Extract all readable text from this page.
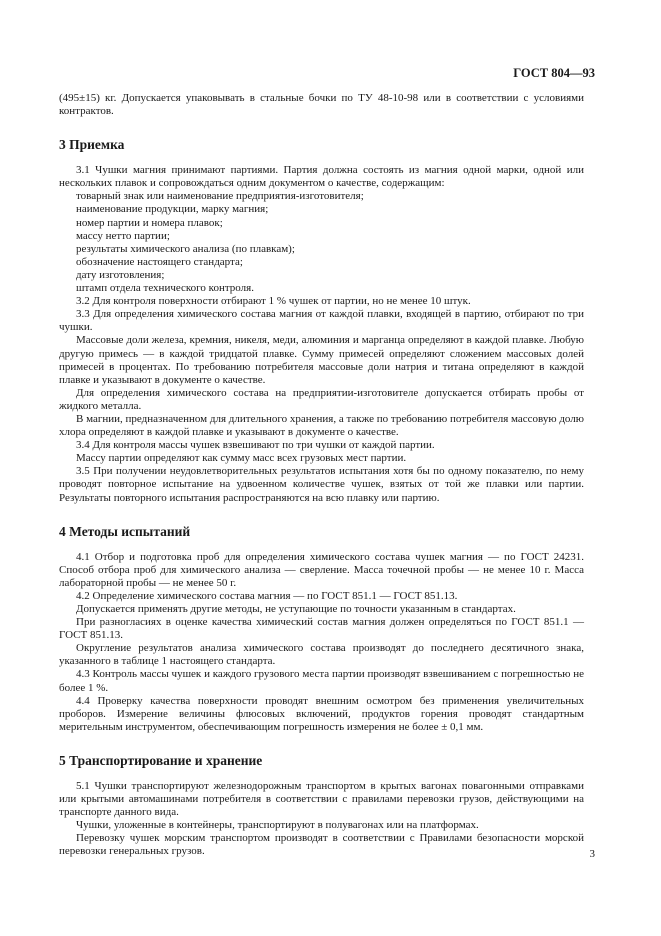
ГОСТ 804—93

(495±15) кг. Допускается упаковывать в стальные бочки по ТУ 48-10-98 или в соответствии с условиями контрактов.

3 Приемка

3.1 Чушки магния принимают партиями. Партия должна состоять из магния одной марки, одной или нескольких плавок и сопровождаться одним документом о качестве, содержащим:

товарный знак или наименование предприятия-изготовителя;

наименование продукции, марку магния;

номер партии и номера плавок;

массу нетто партии;

результаты химического анализа (по плавкам);

обозначение настоящего стандарта;

дату изготовления;

штамп отдела технического контроля.

3.2 Для контроля поверхности отбирают 1 % чушек от партии, но не менее 10 штук.

3.3 Для определения химического состава магния от каждой плавки, входящей в партию, отбирают по три чушки.

Массовые доли железа, кремния, никеля, меди, алюминия и марганца определяют в каждой плавке. Любую другую примесь — в каждой тридцатой плавке. Сумму примесей определяют сложением массовых долей примесей в процентах. По требованию потребителя массовые доли натрия и титана определяют в каждой плавке и указывают в документе о качестве.

Для определения химического состава на предприятии-изготовителе допускается отбирать пробы от жидкого металла.

В магнии, предназначенном для длительного хранения, а также по требованию потребителя массовую долю хлора определяют в каждой плавке и указывают в документе о качестве.

3.4 Для контроля массы чушек взвешивают по три чушки от каждой партии.

Массу партии определяют как сумму масс всех грузовых мест партии.

3.5 При получении неудовлетворительных результатов испытания хотя бы по одному показателю, по нему проводят повторное испытание на удвоенном количестве чушек, взятых от той же плавки или партии. Результаты повторного испытания распространяются на всю плавку или партию.

4 Методы испытаний

4.1 Отбор и подготовка проб для определения химического состава чушек магния — по ГОСТ 24231. Способ отбора проб для химического анализа — сверление. Масса точечной пробы — не менее 10 г. Масса лабораторной пробы — не менее 50 г.

4.2 Определение химического состава магния — по ГОСТ 851.1 — ГОСТ 851.13.

Допускается применять другие методы, не уступающие по точности указанным в стандартах.

При разногласиях в оценке качества химический состав магния должен определяться по ГОСТ 851.1 — ГОСТ 851.13.

Округление результатов анализа химического состава производят до последнего десятичного знака, указанного в таблице 1 настоящего стандарта.

4.3 Контроль массы чушек и каждого грузового места партии производят взвешиванием с погрешностью не более 1 %.

4.4 Проверку качества поверхности проводят внешним осмотром без применения увеличительных проборов. Измерение величины флюсовых включений, продуктов горения проводят стандартным мерительным инструментом, обеспечивающим погрешность измерения не более ± 0,1 мм.

5 Транспортирование и хранение

5.1 Чушки транспортируют железнодорожным транспортом в крытых вагонах повагонными отправками или крытыми автомашинами потребителя в соответствии с правилами перевозки грузов, действующими на транспорте данного вида.

Чушки, уложенные в контейнеры, транспортируют в полувагонах или на платформах.

Перевозку чушек морским транспортом производят в соответствии с Правилами безопасности морской перевозки генеральных грузов.	3
